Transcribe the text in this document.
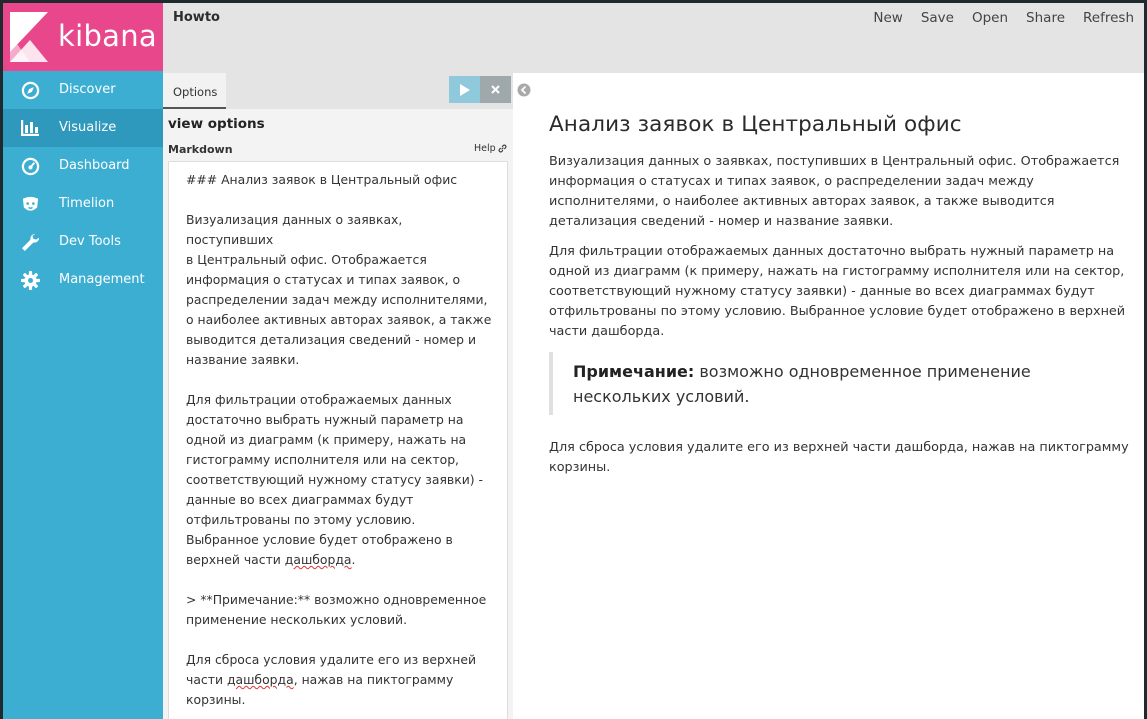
kibana
Discover
Visualize
Dashboard
Timelion
Dev Tools
Management
Howto	New Save Open Share Refresh
Options
view options
Markdown	Help
### Анализ заявок в Центральный офис

Визуализация данных о заявках, поступивших
в Центральный офис. Отображается
информация о статусах и типах заявок, о
распределении задач между исполнителями,
о наиболее активных авторах заявок, а также
выводится детализация сведений - номер и
название заявки.

Для фильтрации отображаемых данных
достаточно выбрать нужный параметр на
одной из диаграмм (к примеру, нажать на
гистограмму исполнителя или на сектор,
соответствующий нужному статусу заявки) -
данные во всех диаграммах будут
отфильтрованы по этому условию.
Выбранное условие будет отображено в
верхней части дашборда.

> **Примечание:** возможно одновременное
применение нескольких условий.

Для сброса условия удалите его из верхней
части дашборда, нажав на пиктограмму
корзины.
Анализ заявок в Центральный офис

Визуализация данных о заявках, поступивших в Центральный офис. Отображается информация о статусах и типах заявок, о распределении задач между исполнителями, о наиболее активных авторах заявок, а также выводится детализация сведений - номер и название заявки.

Для фильтрации отображаемых данных достаточно выбрать нужный параметр на одной из диаграмм (к примеру, нажать на гистограмму исполнителя или на сектор, соответствующий нужному статусу заявки) - данные во всех диаграммах будут отфильтрованы по этому условию. Выбранное условие будет отображено в верхней части дашборда.

Примечание: возможно одновременное применение нескольких условий.

Для сброса условия удалите его из верхней части дашборда, нажав на пиктограмму корзины.
